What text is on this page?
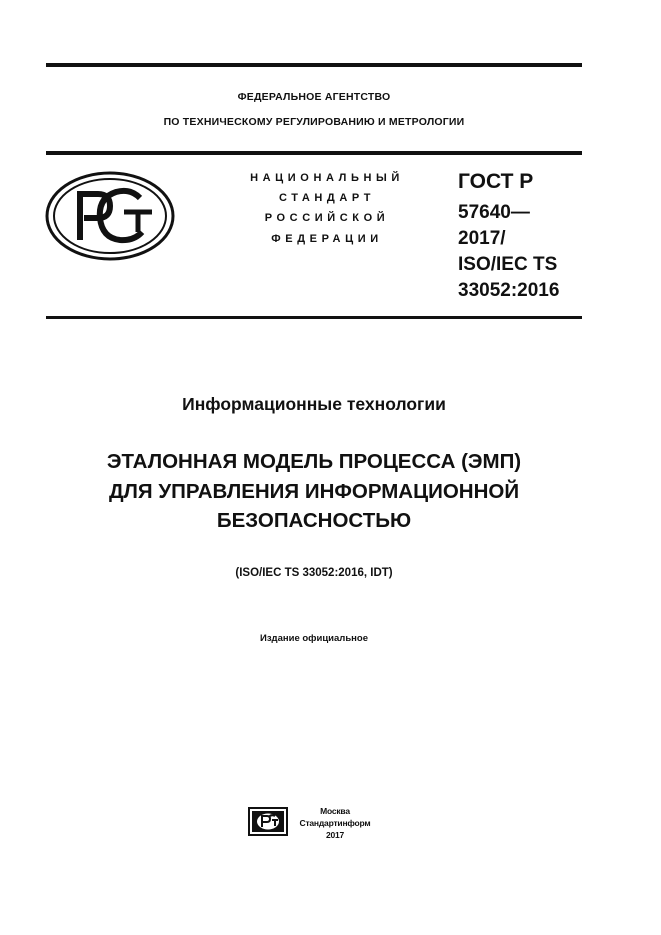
ФЕДЕРАЛЬНОЕ АГЕНТСТВО
ПО ТЕХНИЧЕСКОМУ РЕГУЛИРОВАНИЮ И МЕТРОЛОГИИ
НАЦИОНАЛЬНЫЙ
СТАНДАРТ
РОССИЙСКОЙ
ФЕДЕРАЦИИ
ГОСТ Р
57640—
2017/
ISO/IEC TS
33052:2016
Информационные технологии
ЭТАЛОННАЯ МОДЕЛЬ ПРОЦЕССА (ЭМП)
ДЛЯ УПРАВЛЕНИЯ ИНФОРМАЦИОННОЙ
БЕЗОПАСНОСТЬЮ
(ISO/IEC TS 33052:2016, IDT)
Издание официальное
Москва
Стандартинформ
2017
